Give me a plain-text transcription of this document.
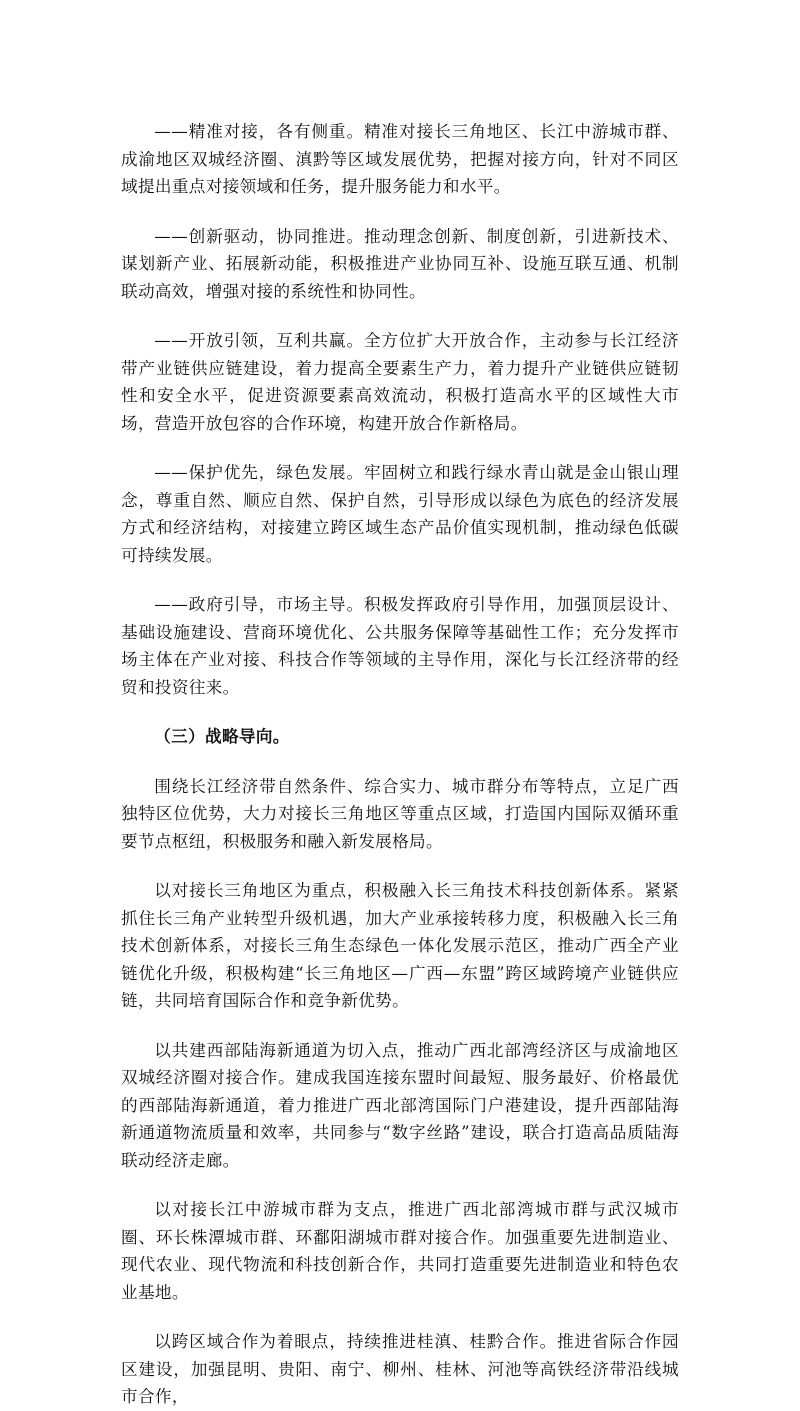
——精准对接，各有侧重。精准对接长三角地区、长江中游城市群、成渝地区双城经济圈、滇黔等区域发展优势，把握对接方向，针对不同区域提出重点对接领域和任务，提升服务能力和水平。

——创新驱动，协同推进。推动理念创新、制度创新，引进新技术、谋划新产业、拓展新动能，积极推进产业协同互补、设施互联互通、机制联动高效，增强对接的系统性和协同性。

——开放引领，互利共赢。全方位扩大开放合作，主动参与长江经济带产业链供应链建设，着力提高全要素生产力，着力提升产业链供应链韧性和安全水平，促进资源要素高效流动，积极打造高水平的区域性大市场，营造开放包容的合作环境，构建开放合作新格局。

——保护优先，绿色发展。牢固树立和践行绿水青山就是金山银山理念，尊重自然、顺应自然、保护自然，引导形成以绿色为底色的经济发展方式和经济结构，对接建立跨区域生态产品价值实现机制，推动绿色低碳可持续发展。

——政府引导，市场主导。积极发挥政府引导作用，加强顶层设计、基础设施建设、营商环境优化、公共服务保障等基础性工作；充分发挥市场主体在产业对接、科技合作等领域的主导作用，深化与长江经济带的经贸和投资往来。

（三）战略导向。

围绕长江经济带自然条件、综合实力、城市群分布等特点，立足广西独特区位优势，大力对接长三角地区等重点区域，打造国内国际双循环重要节点枢纽，积极服务和融入新发展格局。

以对接长三角地区为重点，积极融入长三角技术科技创新体系。紧紧抓住长三角产业转型升级机遇，加大产业承接转移力度，积极融入长三角技术创新体系，对接长三角生态绿色一体化发展示范区，推动广西全产业链优化升级，积极构建“长三角地区—广西—东盟”跨区域跨境产业链供应链，共同培育国际合作和竞争新优势。

以共建西部陆海新通道为切入点，推动广西北部湾经济区与成渝地区双城经济圈对接合作。建成我国连接东盟时间最短、服务最好、价格最优的西部陆海新通道，着力推进广西北部湾国际门户港建设，提升西部陆海新通道物流质量和效率，共同参与“数字丝路”建设，联合打造高品质陆海联动经济走廊。

以对接长江中游城市群为支点，推进广西北部湾城市群与武汉城市圈、环长株潭城市群、环鄱阳湖城市群对接合作。加强重要先进制造业、现代农业、现代物流和科技创新合作，共同打造重要先进制造业和特色农业基地。

以跨区域合作为着眼点，持续推进桂滇、桂黔合作。推进省际合作园区建设，加强昆明、贵阳、南宁、柳州、桂林、河池等高铁经济带沿线城市合作，
